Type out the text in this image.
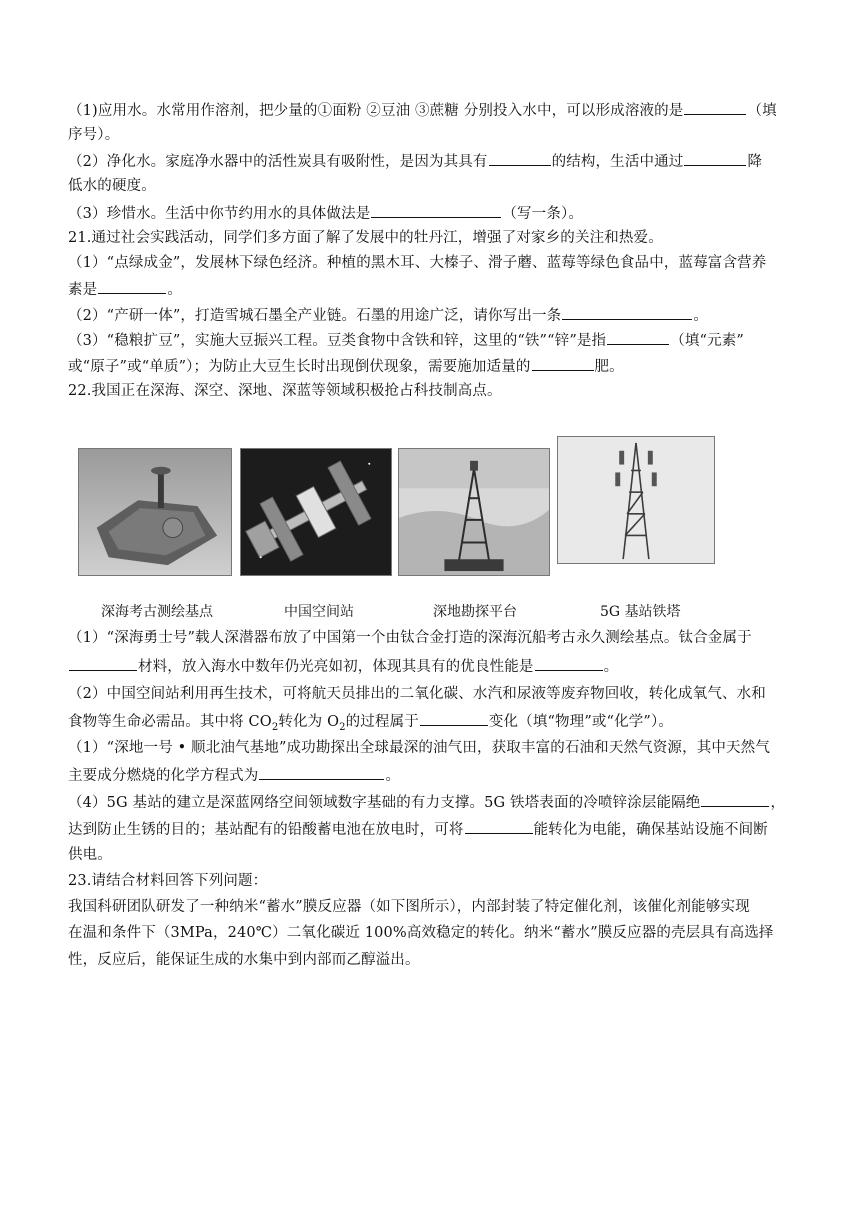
（1)应用水。水常用作溶剂，把少量的①面粉 ②豆油 ③蔗糖 分别投入水中，可以形成溶液的是	（填
序号）。
（2）净化水。家庭净水器中的活性炭具有吸附性，是因为其具有	的结构，生活中通过	降
低水的硬度。
（3）珍惜水。生活中你节约用水的具体做法是	（写一条）。
21.通过社会实践活动，同学们多方面了解了发展中的牡丹江，增强了对家乡的关注和热爱。
（1）“点绿成金”，发展林下绿色经济。种植的黑木耳、大榛子、滑子蘑、蓝莓等绿色食品中，蓝莓富含营养
素是	。
（2）“产研一体”，打造雪城石墨全产业链。石墨的用途广泛，请你写出一条	。
（3）“稳粮扩豆”，实施大豆振兴工程。豆类食物中含铁和锌，这里的“铁”“锌”是指	（填“元素”
或“原子”或“单质”）；为防止大豆生长时出现倒伏现象，需要施加适量的	肥。
22.我国正在深海、深空、深地、深蓝等领域积极抢占科技制高点。
深海考古测绘基点	中国空间站	深地勘探平台	5G 基站铁塔
（1）“深海勇士号”载人深潜器布放了中国第一个由钛合金打造的深海沉船考古永久测绘基点。钛合金属于
材料，放入海水中数年仍光亮如初，体现其具有的优良性能是	。
（2）中国空间站利用再生技术，可将航天员排出的二氧化碳、水汽和尿液等废弃物回收，转化成氧气、水和
食物等生命必需品。其中将 $CO_2$转化为 $O_2$的过程属于	变化（填“物理”或“化学”）。
（1）“深地一号 • 顺北油气基地”成功勘探出全球最深的油气田，获取丰富的石油和天然气资源，其中天然气
主要成分燃烧的化学方程式为	。
（4）5G 基站的建立是深蓝网络空间领域数字基础的有力支撑。5G 铁塔表面的冷喷锌涂层能隔绝	，
达到防止生锈的目的；基站配有的铅酸蓄电池在放电时，可将	能转化为电能，确保基站设施不间断
供电。
23.请结合材料回答下列问题：
我国科研团队研发了一种纳米“蓄水”膜反应器（如下图所示），内部封装了特定催化剂，该催化剂能够实现
在温和条件下（3MPa，240℃）二氧化碳近 100%高效稳定的转化。纳米“蓄水”膜反应器的壳层具有高选择
性，反应后，能保证生成的水集中到内部而乙醇溢出。
